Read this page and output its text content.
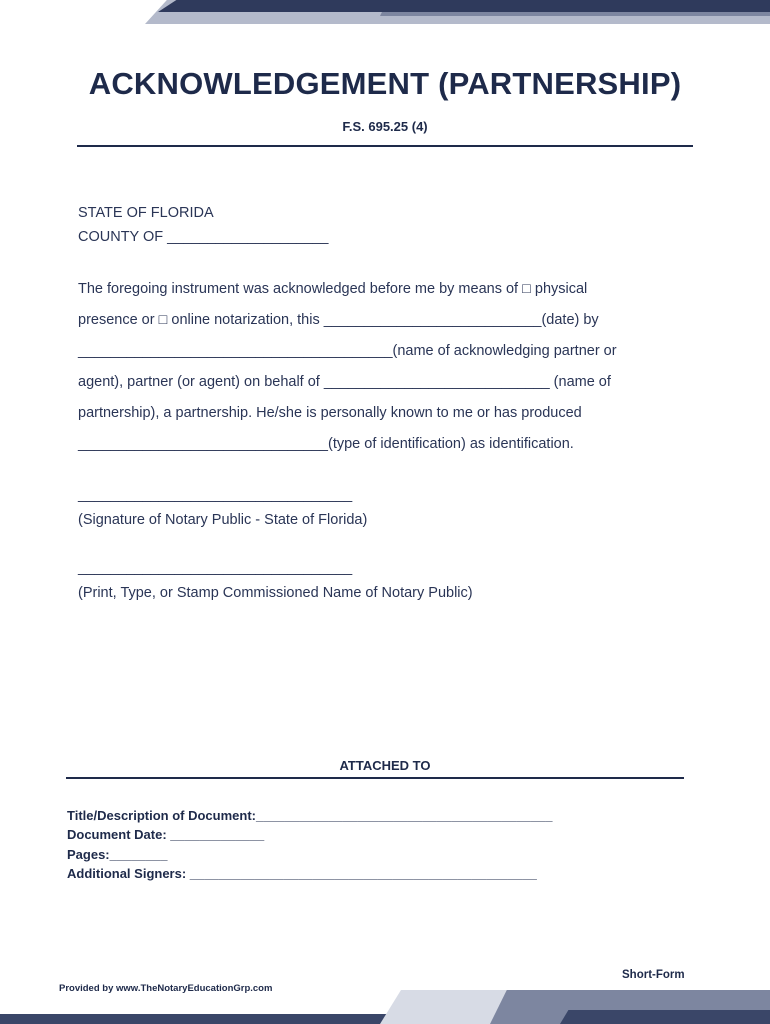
ACKNOWLEDGEMENT (PARTNERSHIP)
F.S. 695.25 (4)
STATE OF FLORIDA
COUNTY OF ____________________
The foregoing instrument was acknowledged before me by means of □ physical
presence or □ online notarization, this ___________________________(date) by
_______________________________________(name of acknowledging partner or
agent), partner (or agent) on behalf of ____________________________ (name of
partnership), a partnership. He/she is personally known to me or has produced
_______________________________(type of identification) as identification.
__________________________________
(Signature of Notary Public - State of Florida)
__________________________________
(Print, Type, or Stamp Commissioned Name of Notary Public)
ATTACHED TO
Title/Description of Document:_________________________________________
Document Date: _____________
Pages:________
Additional Signers: ________________________________________________
Short-Form
Provided by www.TheNotaryEducationGrp.com
